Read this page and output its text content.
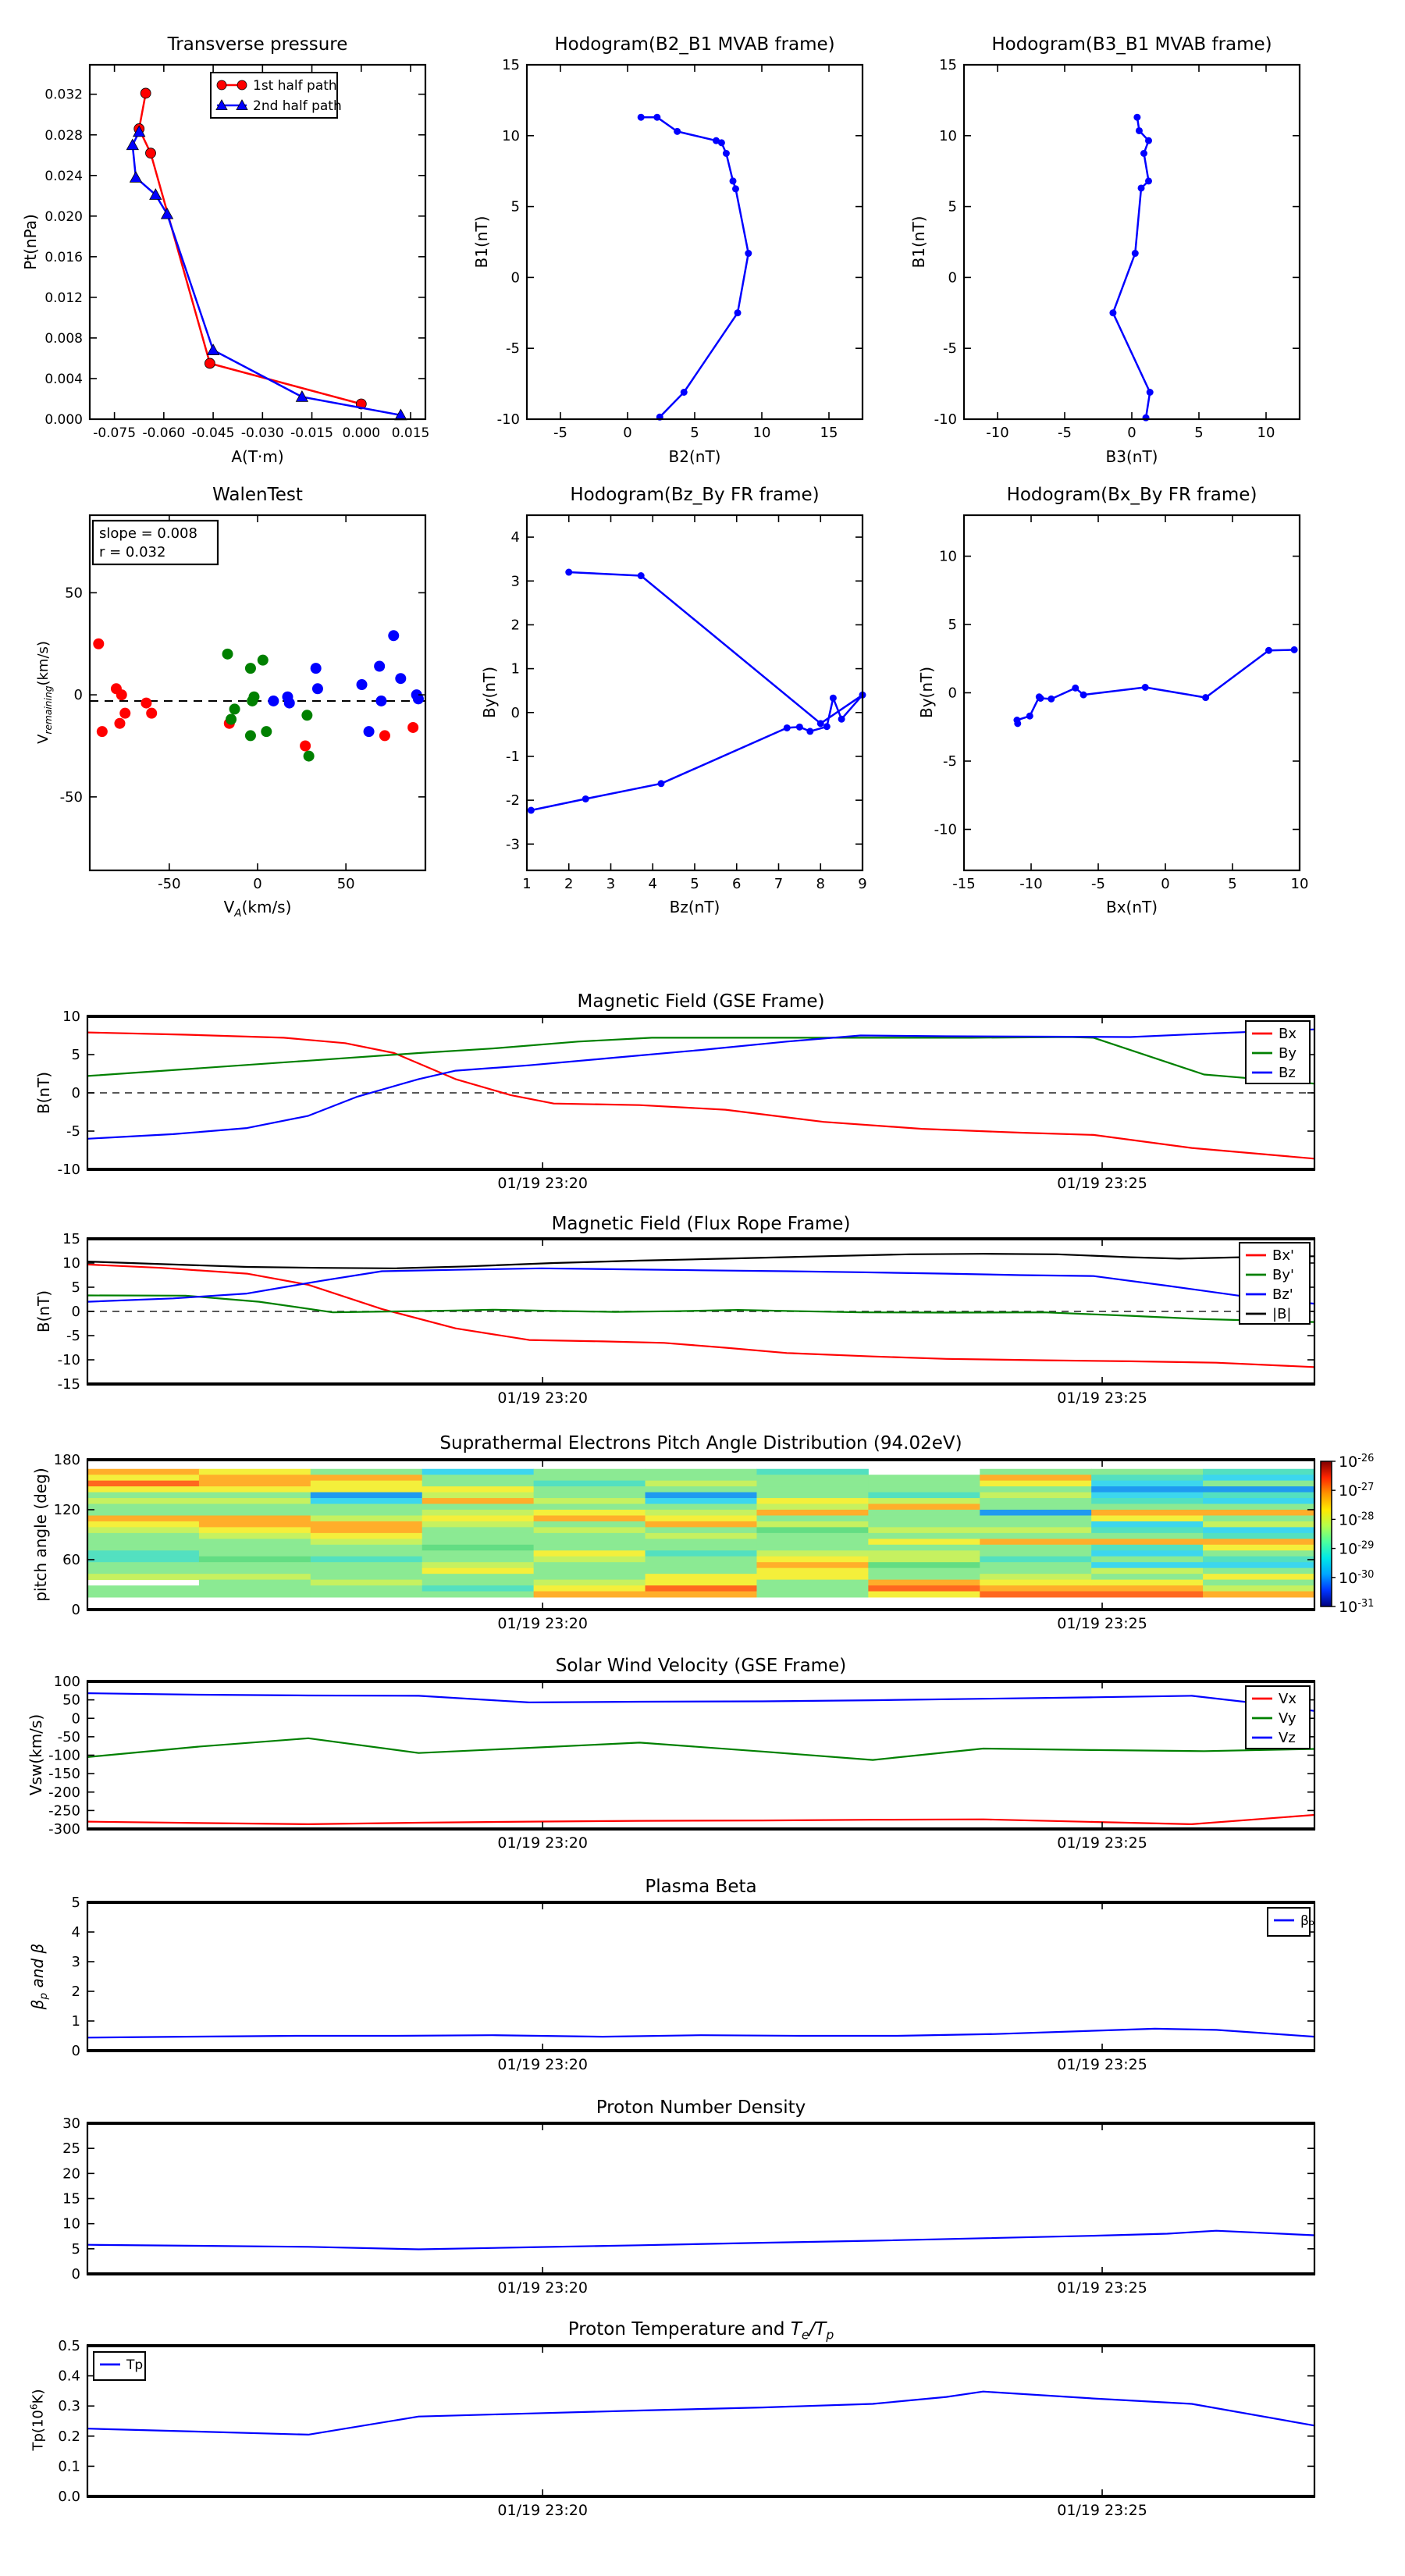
-0.075 -0.060 -0.045 -0.030 -0.015 0.000 0.015
0.000
0.004
0.008
0.012
0.016
0.020
0.024
0.028
0.032
1st half path
2nd half path
-5	0	5	10	15
15
10
5
0
-5
-10
-10	-5	0	5	10
15
10
5
0
-5
-10
-50	0	50
50
0
-50
slope = 0.008
r = 0.032
1 2 3 4 5 6 7 8 9
4
3
2
1
0
-1
-2
-3
-15	-10	-5	0	5	10
10
5
0
-5
-10
01/19 23:20	01/19 23:25
10
5
0
-5
-10
Bx
By
Bz
01/19 23:20	01/19 23:25
15
10
5
0
-5
-10
-15
Bx'
By'
Bz'
|B|
01/19 23:20	01/19 23:25
180
120
60
0
$10^{-26}$
$10^{-27}$
$10^{-28}$
$10^{-29}$
$10^{-30}$
$10^{-31}$
01/19 23:20	01/19 23:25
100
50
0
-50
-100
-150
-200
-250
-300
Vx
Vy
Vz
01/19 23:20	01/19 23:25
5
4
3
2
1
0
βₚ
01/19 23:20	01/19 23:25
30
25
20
15
10
5
0
01/19 23:20	01/19 23:25
0.5
0.4
0.3
0.2
0.1
0.0
Tp
Transverse pressure
Pt(nPa)
A(T·m)
Hodogram(B2_B1 MVAB frame)
B1(nT)
B2(nT)
Hodogram(B3_B1 MVAB frame)
B1(nT)
B3(nT)
WalenTest
$V_{remaining}(km/s)$
$V_A(km/s)$
Hodogram(Bz_By FR frame)
By(nT)
Bz(nT)
Hodogram(Bx_By FR frame)
By(nT)
Bx(nT)
Magnetic Field (GSE Frame)
B(nT)
Magnetic Field (Flux Rope Frame)
B(nT)
Suprathermal Electrons Pitch Angle Distribution (94.02eV)
pitch angle (deg)
Solar Wind Velocity (GSE Frame)
Vsw(km/s)
Plasma Beta
$\beta_p$ and β
Proton Number Density
Proton Temperature and $T_e/T_p$
$Tp(10^6K)$
